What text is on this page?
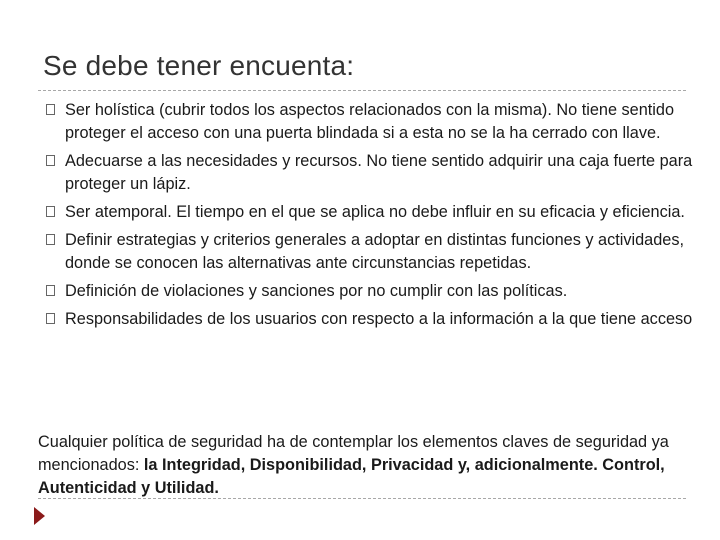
Se debe tener encuenta:
Ser holística (cubrir todos los aspectos relacionados con la misma). No tiene sentido proteger el acceso con una puerta blindada si a esta no se la ha cerrado con llave.
Adecuarse a las necesidades y recursos. No tiene sentido adquirir una caja fuerte para proteger un lápiz.
Ser atemporal. El tiempo en el que se aplica no debe influir en su eficacia y eficiencia.
Definir estrategias y criterios generales a adoptar en distintas funciones y actividades, donde se conocen las alternativas ante circunstancias repetidas.
Definición de violaciones y sanciones por no cumplir con las políticas.
Responsabilidades de los usuarios con respecto a la información a la que tiene acceso

Cualquier política de seguridad ha de contemplar los elementos claves de seguridad ya mencionados: la Integridad, Disponibilidad, Privacidad y, adicionalmente. Control, Autenticidad y Utilidad.
